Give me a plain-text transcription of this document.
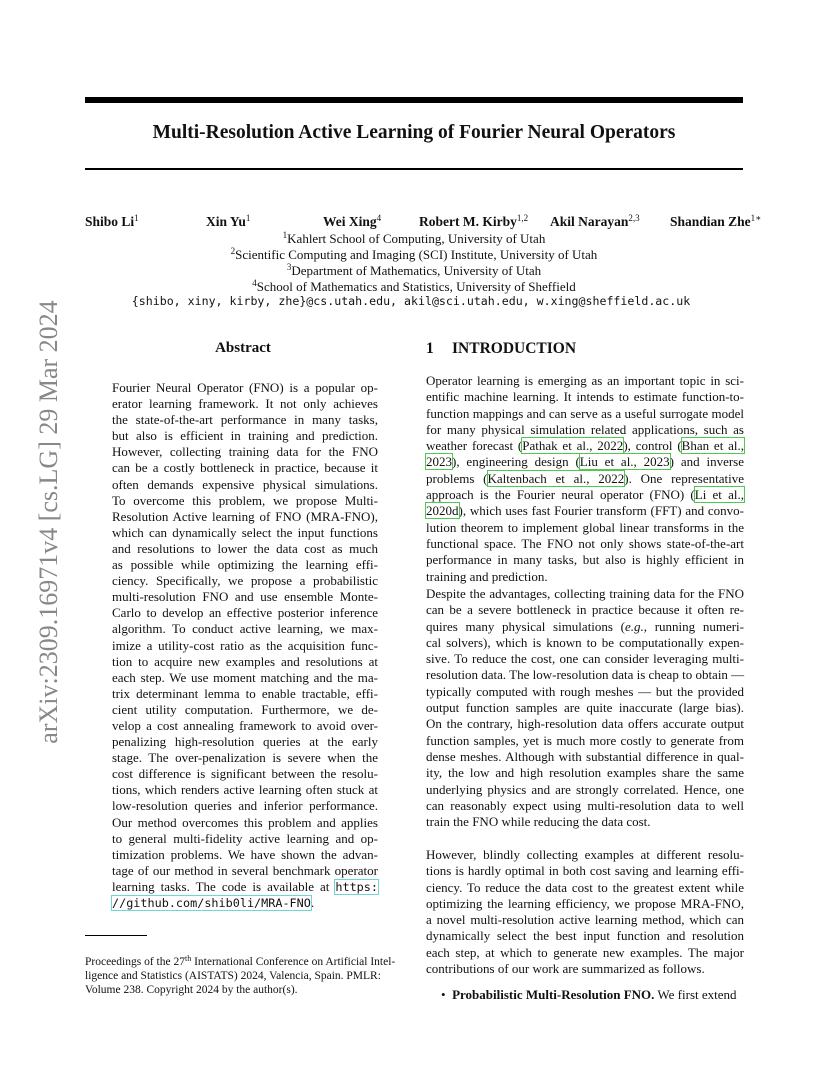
Multi-Resolution Active Learning of Fourier Neural Operators
Shibo Li$^1$	Xin Yu$^1$	Wei Xing$^4$	Robert M. Kirby$^{1,2}$ Akil Narayan$^{2,3}$ Shandian Zhe$^{1∗}$
$^1$Kahlert School of Computing, University of Utah
$^2$Scientific Computing and Imaging (SCI) Institute, University of Utah
$^3$Department of Mathematics, University of Utah
$^4$School of Mathematics and Statistics, University of Sheffield
{shibo, xiny, kirby, zhe}@cs.utah.edu, akil@sci.utah.edu, w.xing@sheffield.ac.uk
arXiv:2309.16971v4 [cs.LG] 29 Mar 2024	Abstract
Fourier Neural Operator (FNO) is a popular op-
erator learning framework. It not only achieves
the state-of-the-art performance in many tasks,
but also is efficient in training and prediction.
However, collecting training data for the FNO
can be a costly bottleneck in practice, because it
often demands expensive physical simulations.
To overcome this problem, we propose Multi-
Resolution Active learning of FNO (MRA-FNO),
which can dynamically select the input functions
and resolutions to lower the data cost as much
as possible while optimizing the learning effi-
ciency. Specifically, we propose a probabilistic
multi-resolution FNO and use ensemble Monte-
Carlo to develop an effective posterior inference
algorithm. To conduct active learning, we max-
imize a utility-cost ratio as the acquisition func-
tion to acquire new examples and resolutions at
each step. We use moment matching and the ma-
trix determinant lemma to enable tractable, effi-
cient utility computation. Furthermore, we de-
velop a cost annealing framework to avoid over-
penalizing high-resolution queries at the early
stage. The over-penalization is severe when the
cost difference is significant between the resolu-
tions, which renders active learning often stuck at
low-resolution queries and inferior performance.
Our method overcomes this problem and applies
to general multi-fidelity active learning and op-
timization problems. We have shown the advan-
tage of our method in several benchmark operator
learning tasks. The code is available at https:
//github.com/shib0li/MRA-FNO.
Proceedings of the 27th International Conference on Artificial Intel-
ligence and Statistics (AISTATS) 2024, Valencia, Spain. PMLR:
Volume 238. Copyright 2024 by the author(s).
1 INTRODUCTION
Operator learning is emerging as an important topic in sci-
entific machine learning. It intends to estimate function-to-
function mappings and can serve as a useful surrogate model
for many physical simulation related applications, such as
weather forecast (Pathak et al., 2022), control (Bhan et al.,
2023), engineering design (Liu et al., 2023) and inverse
problems (Kaltenbach et al., 2022). One representative
approach is the Fourier neural operator (FNO) (Li et al.,
2020d), which uses fast Fourier transform (FFT) and convo-
lution theorem to implement global linear transforms in the
functional space. The FNO not only shows state-of-the-art
performance in many tasks, but also is highly efficient in
training and prediction.
Despite the advantages, collecting training data for the FNO
can be a severe bottleneck in practice because it often re-
quires many physical simulations (e.g., running numeri-
cal solvers), which is known to be computationally expen-
sive. To reduce the cost, one can consider leveraging multi-
resolution data. The low-resolution data is cheap to obtain —
typically computed with rough meshes — but the provided
output function samples are quite inaccurate (large bias).
On the contrary, high-resolution data offers accurate output
function samples, yet is much more costly to generate from
dense meshes. Although with substantial difference in qual-
ity, the low and high resolution examples share the same
underlying physics and are strongly correlated. Hence, one
can reasonably expect using multi-resolution data to well
train the FNO while reducing the data cost.
However, blindly collecting examples at different resolu-
tions is hardly optimal in both cost saving and learning effi-
ciency. To reduce the data cost to the greatest extent while
optimizing the learning efficiency, we propose MRA-FNO,
a novel multi-resolution active learning method, which can
dynamically select the best input function and resolution
each step, at which to generate new examples. The major
contributions of our work are summarized as follows.
• Probabilistic Multi-Resolution FNO. We first extend
